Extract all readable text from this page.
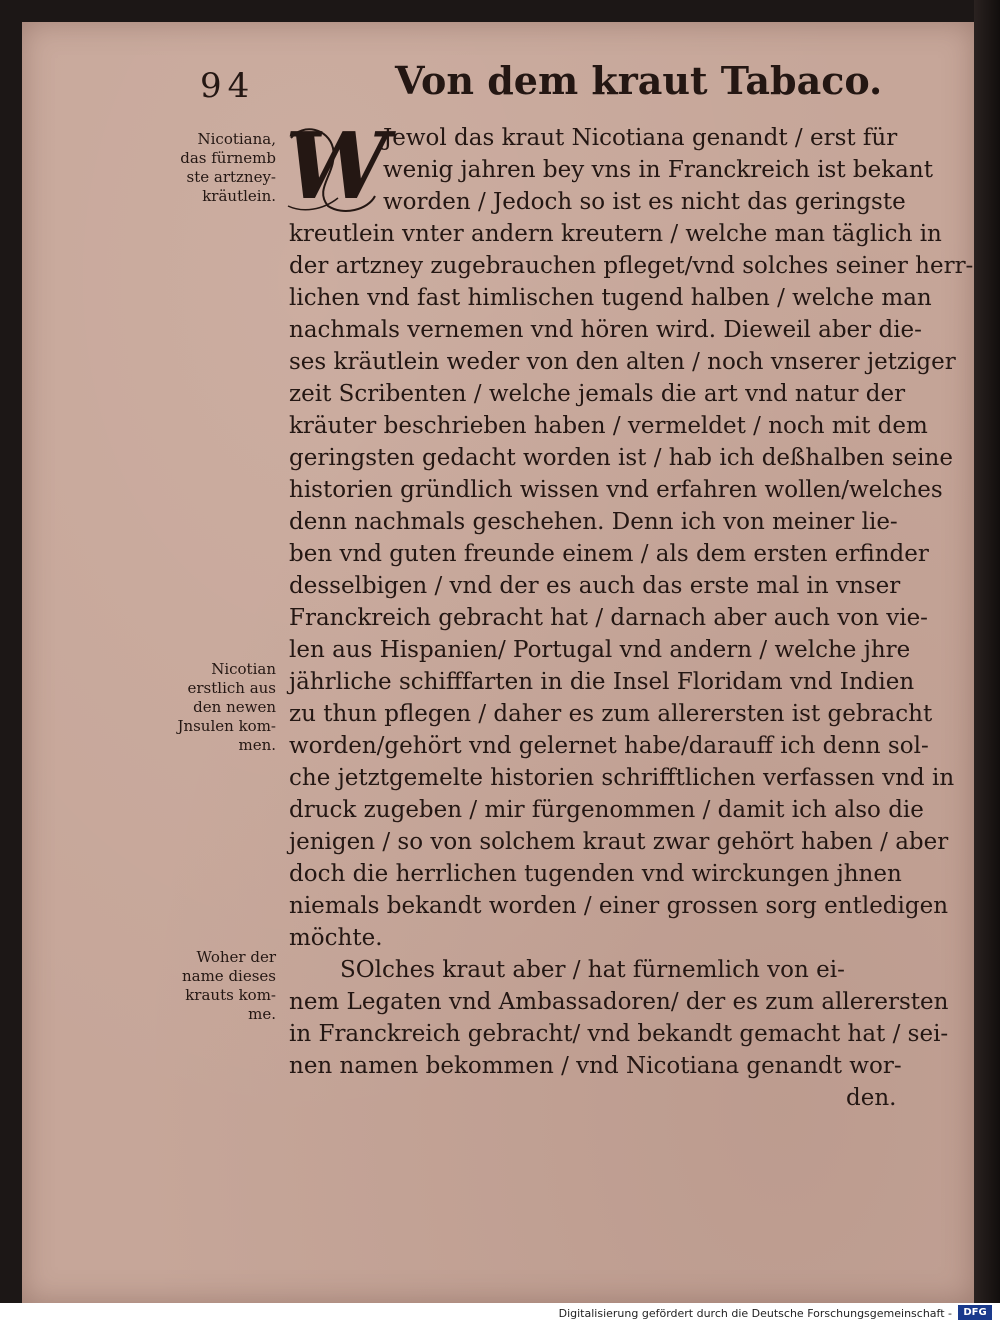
94	Von dem kraut Tabaco.
W
Jewol das kraut Nicotiana genandt / erst für
wenig jahren bey vns in Franckreich ist bekant
worden / Jedoch so ist es nicht das geringste
kreutlein vnter andern kreutern / welche man täglich in
der artzney zugebrauchen pfleget/vnd solches seiner herr-
lichen vnd fast himlischen tugend halben / welche man
nachmals vernemen vnd hören wird. Dieweil aber die-
ses kräutlein weder von den alten / noch vnserer jetziger
zeit Scribenten / welche jemals die art vnd natur der
kräuter beschrieben haben / vermeldet / noch mit dem
geringsten gedacht worden ist / hab ich deßhalben seine
historien gründlich wissen vnd erfahren wollen/welches
denn nachmals geschehen. Denn ich von meiner lie-
ben vnd guten freunde einem / als dem ersten erfinder
desselbigen / vnd der es auch das erste mal in vnser
Franckreich gebracht hat / darnach aber auch von vie-
len aus Hispanien/ Portugal vnd andern / welche jhre
jährliche schifffarten in die Insel Floridam vnd Indien
zu thun pflegen / daher es zum allerersten ist gebracht
worden/gehört vnd gelernet habe/darauff ich denn sol-
che jetztgemelte historien schrifftlichen verfassen vnd in
druck zugeben / mir fürgenommen / damit ich also die
jenigen / so von solchem kraut zwar gehört haben / aber
doch die herrlichen tugenden vnd wirckungen jhnen
niemals bekandt worden / einer grossen sorg entledigen
möchte.
SOlches kraut aber / hat fürnemlich von ei-
nem Legaten vnd Ambassadoren/ der es zum allerersten
in Franckreich gebracht/ vnd bekandt gemacht hat / sei-
nen namen bekommen / vnd Nicotiana genandt wor-
den.
Nicotiana,
das fürnemb
ste artzney-
kräutlein.
Nicotian
erstlich aus
den newen
Jnsulen kom-
men.
Woher der
name dieses
krauts kom-
me.
Digitalisierung gefördert durch die Deutsche Forschungsgemeinschaft -	DFG
